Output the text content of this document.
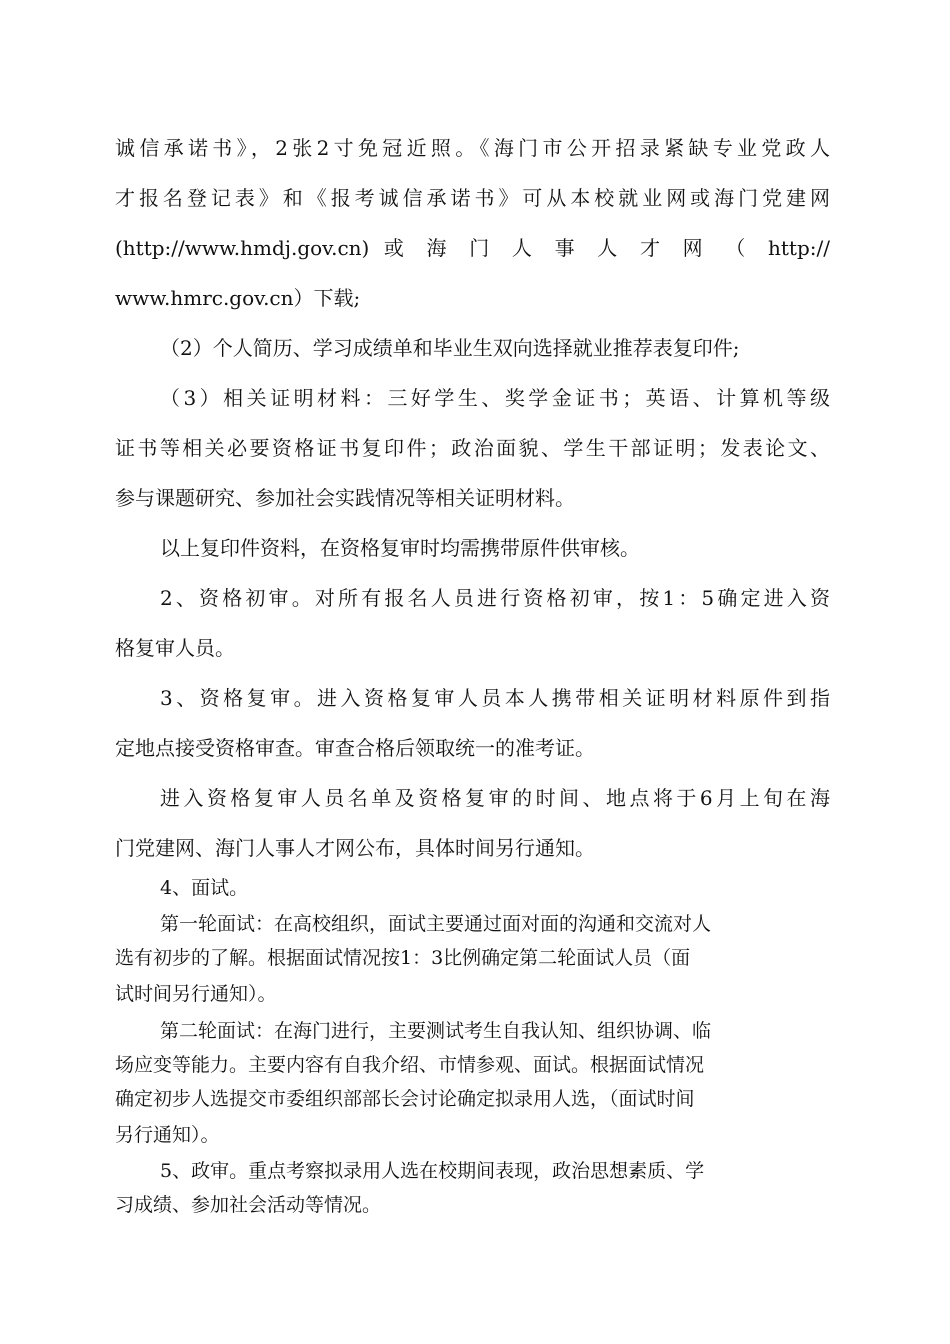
诚信承诺书》，2张2寸免冠近照。《海门市公开招录紧缺专业党政人

才报名登记表》和《报考诚信承诺书》可从本校就业网或海门党建网

(http://www.hmdj.gov.cn) 或 海 门 人 事 人 才 网 （ http://

www.hmrc.gov.cn）下载;

（2）个人简历、学习成绩单和毕业生双向选择就业推荐表复印件;

（3）相关证明材料：三好学生、奖学金证书；英语、计算机等级

证书等相关必要资格证书复印件；政治面貌、学生干部证明；发表论文、

参与课题研究、参加社会实践情况等相关证明材料。

以上复印件资料，在资格复审时均需携带原件供审核。

2、资格初审。对所有报名人员进行资格初审，按1：5确定进入资

格复审人员。

3、资格复审。进入资格复审人员本人携带相关证明材料原件到指

定地点接受资格审查。审查合格后领取统一的准考证。

进入资格复审人员名单及资格复审的时间、地点将于6月上旬在海

门党建网、海门人事人才网公布，具体时间另行通知。

4、面试。

第一轮面试：在高校组织，面试主要通过面对面的沟通和交流对人

选有初步的了解。根据面试情况按1：3比例确定第二轮面试人员（面

试时间另行通知）。

第二轮面试：在海门进行，主要测试考生自我认知、组织协调、临

场应变等能力。主要内容有自我介绍、市情参观、面试。根据面试情况

确定初步人选提交市委组织部部长会讨论确定拟录用人选，（面试时间

另行通知）。

5、政审。重点考察拟录用人选在校期间表现，政治思想素质、学

习成绩、参加社会活动等情况。
